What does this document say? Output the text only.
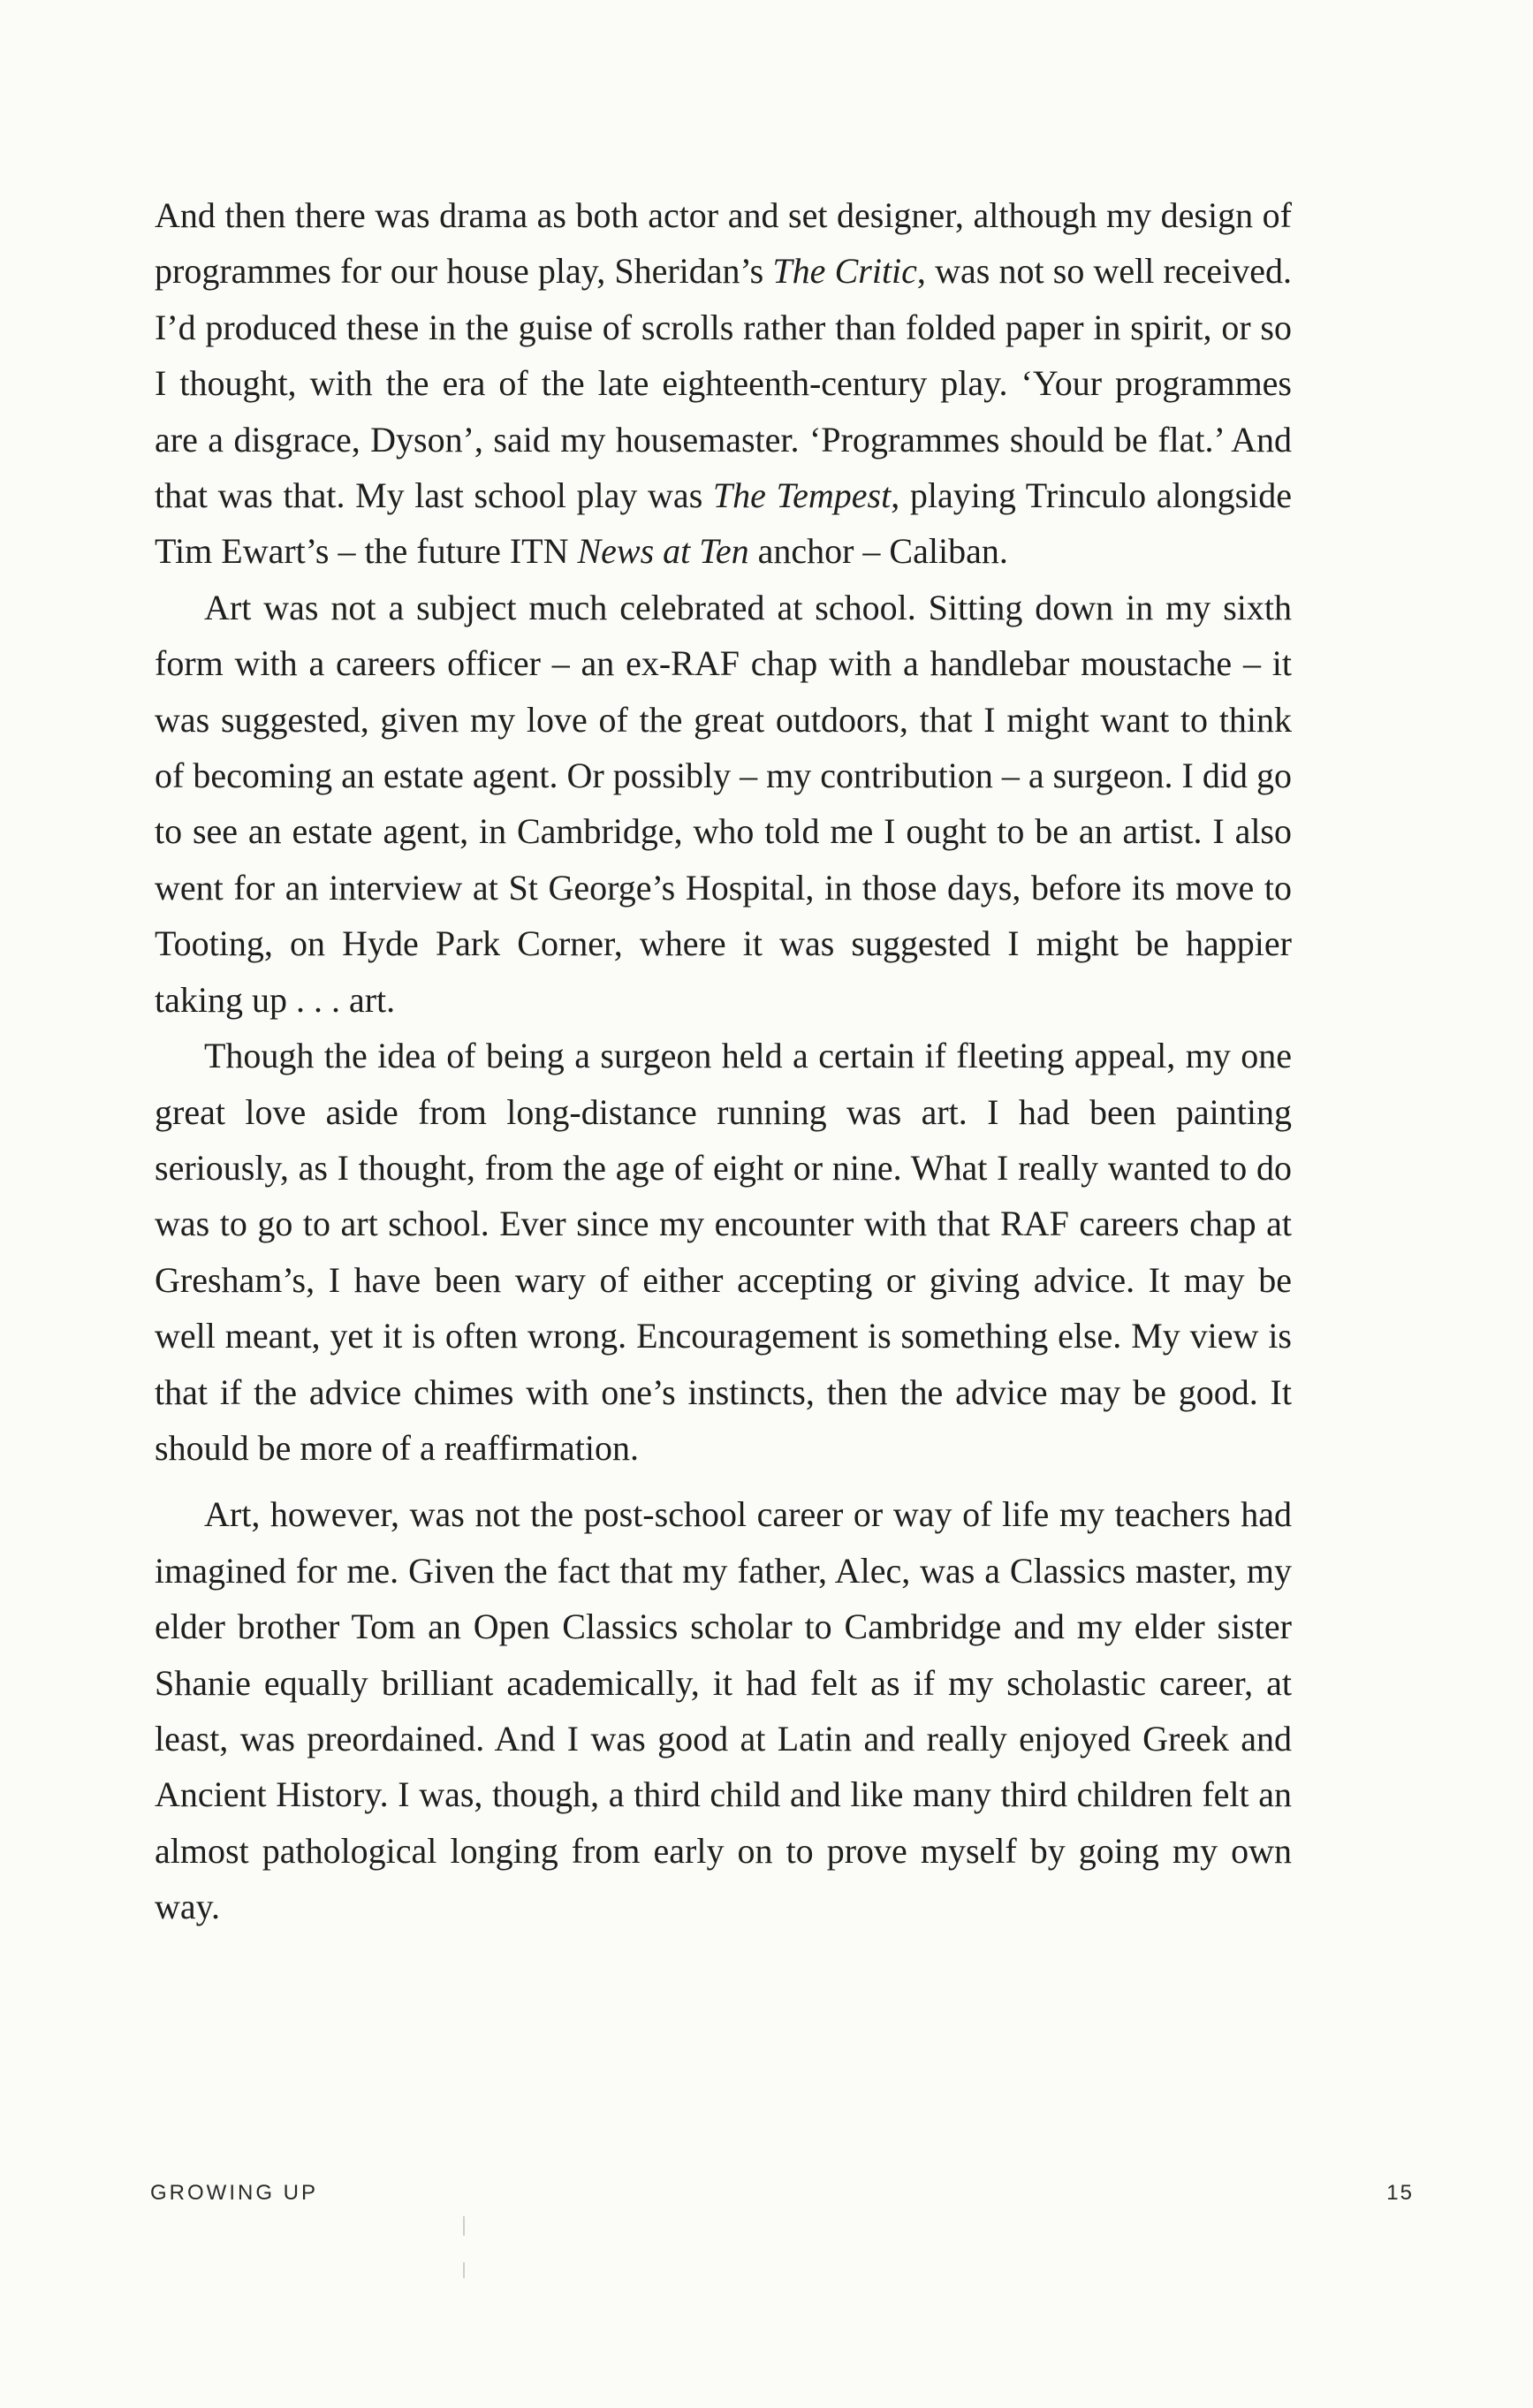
And then there was drama as both actor and set designer, although my design of programmes for our house play, Sheridan’s The Critic, was not so well received. I’d produced these in the guise of scrolls rather than folded paper in spirit, or so I thought, with the era of the late eighteenth-century play. ‘Your programmes are a disgrace, Dyson’, said my housemaster. ‘Programmes should be flat.’ And that was that. My last school play was The Tempest, playing Trinculo alongside Tim Ewart’s – the future ITN News at Ten anchor – Caliban.

Art was not a subject much celebrated at school. Sitting down in my sixth form with a careers officer – an ex-RAF chap with a handlebar moustache – it was suggested, given my love of the great outdoors, that I might want to think of becoming an estate agent. Or possibly – my contribution – a surgeon. I did go to see an estate agent, in Cambridge, who told me I ought to be an artist. I also went for an interview at St George’s Hospital, in those days, before its move to Tooting, on Hyde Park Corner, where it was suggested I might be happier taking up . . . art.

Though the idea of being a surgeon held a certain if fleeting appeal, my one great love aside from long-distance running was art. I had been painting seriously, as I thought, from the age of eight or nine. What I really wanted to do was to go to art school. Ever since my encounter with that RAF careers chap at Gresham’s, I have been wary of either accepting or giving advice. It may be well meant, yet it is often wrong. Encouragement is something else. My view is that if the advice chimes with one’s instincts, then the advice may be good. It should be more of a reaffirmation.

Art, however, was not the post-school career or way of life my teachers had imagined for me. Given the fact that my father, Alec, was a Classics master, my elder brother Tom an Open Classics scholar to Cambridge and my elder sister Shanie equally brilliant academically, it had felt as if my scholastic career, at least, was preordained. And I was good at Latin and really enjoyed Greek and Ancient History. I was, though, a third child and like many third children felt an almost pathological longing from early on to prove myself by going my own way.

GROWING UP	15
